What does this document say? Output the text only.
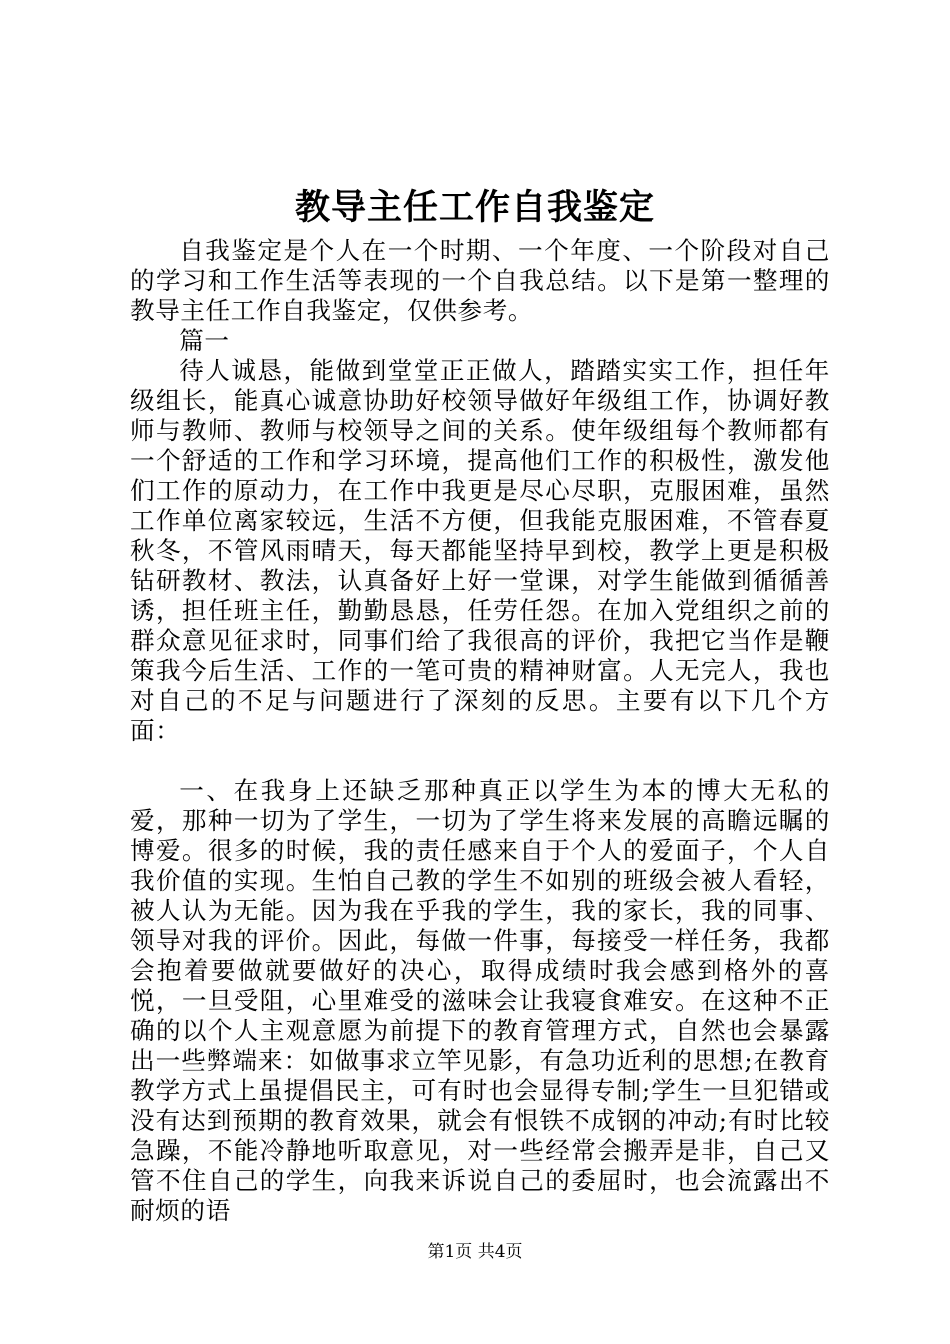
教导主任工作自我鉴定

自我鉴定是个人在一个时期、一个年度、一个阶段对自己的学习和工作生活等表现的一个自我总结。以下是第一整理的教导主任工作自我鉴定，仅供参考。

篇一

待人诚恳，能做到堂堂正正做人，踏踏实实工作，担任年级组长，能真心诚意协助好校领导做好年级组工作，协调好教师与教师、教师与校领导之间的关系。使年级组每个教师都有一个舒适的工作和学习环境，提高他们工作的积极性，激发他们工作的原动力，在工作中我更是尽心尽职，克服困难，虽然工作单位离家较远，生活不方便，但我能克服困难，不管春夏秋冬，不管风雨晴天，每天都能坚持早到校，教学上更是积极钻研教材、教法，认真备好上好一堂课，对学生能做到循循善诱，担任班主任，勤勤恳恳，任劳任怨。在加入党组织之前的群众意见征求时，同事们给了我很高的评价，我把它当作是鞭策我今后生活、工作的一笔可贵的精神财富。人无完人，我也对自己的不足与问题进行了深刻的反思。主要有以下几个方面：

一、在我身上还缺乏那种真正以学生为本的博大无私的爱，那种一切为了学生，一切为了学生将来发展的高瞻远瞩的博爱。很多的时候，我的责任感来自于个人的爱面子，个人自我价值的实现。生怕自己教的学生不如别的班级会被人看轻，被人认为无能。因为我在乎我的学生，我的家长，我的同事、领导对我的评价。因此，每做一件事，每接受一样任务，我都会抱着要做就要做好的决心，取得成绩时我会感到格外的喜悦，一旦受阻，心里难受的滋味会让我寝食难安。在这种不正确的以个人主观意愿为前提下的教育管理方式，自然也会暴露出一些弊端来：如做事求立竿见影，有急功近利的思想;在教育教学方式上虽提倡民主，可有时也会显得专制;学生一旦犯错或没有达到预期的教育效果，就会有恨铁不成钢的冲动;有时比较急躁，不能冷静地听取意见，对一些经常会搬弄是非，自己又管不住自己的学生，向我来诉说自己的委屈时，也会流露出不耐烦的语

第1页 共4页
